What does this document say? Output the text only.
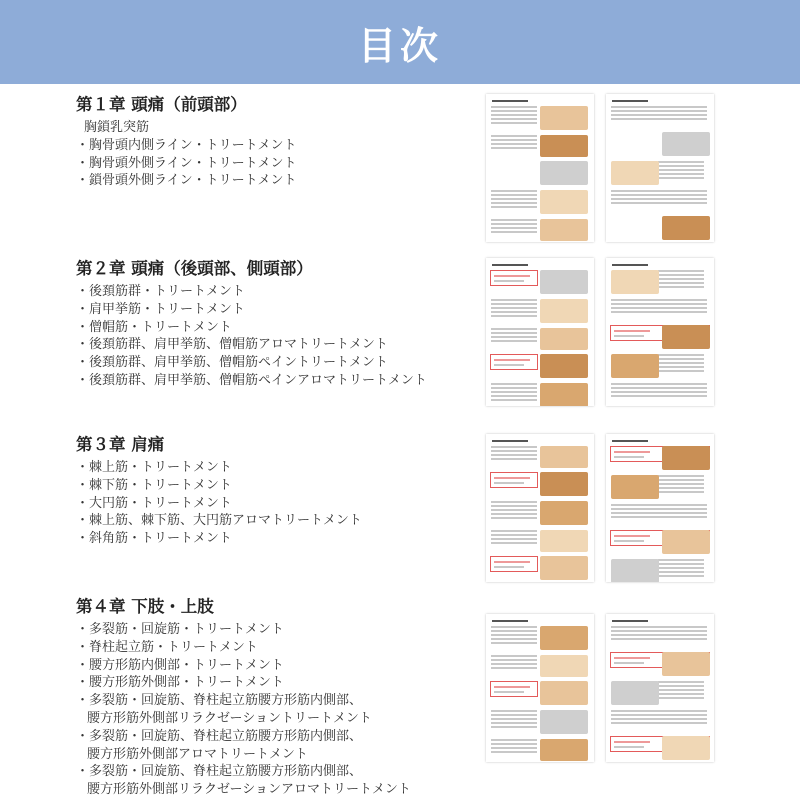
目次
第１章 頭痛（前頭部）
胸鎖乳突筋
・胸骨頭内側ライン・トリートメント
・胸骨頭外側ライン・トリートメント
・鎖骨頭外側ライン・トリートメント
第２章 頭痛（後頭部、側頭部）
・後頚筋群・トリートメント
・肩甲挙筋・トリートメント
・僧帽筋・トリートメント
・後頚筋群、肩甲挙筋、僧帽筋アロマトリートメント
・後頚筋群、肩甲挙筋、僧帽筋ペイントリートメント
・後頚筋群、肩甲挙筋、僧帽筋ペインアロマトリートメント
第３章 肩痛
・棘上筋・トリートメント
・棘下筋・トリートメント
・大円筋・トリートメント
・棘上筋、棘下筋、大円筋アロマトリートメント
・斜角筋・トリートメント
第４章 下肢・上肢
・多裂筋・回旋筋・トリートメント
・脊柱起立筋・トリートメント
・腰方形筋内側部・トリートメント
・腰方形筋外側部・トリートメント
・多裂筋・回旋筋、脊柱起立筋腰方形筋内側部、
腰方形筋外側部リラクゼーショントリートメント
・多裂筋・回旋筋、脊柱起立筋腰方形筋内側部、
腰方形筋外側部アロマトリートメント
・多裂筋・回旋筋、脊柱起立筋腰方形筋内側部、
腰方形筋外側部リラクゼーションアロマトリートメント
